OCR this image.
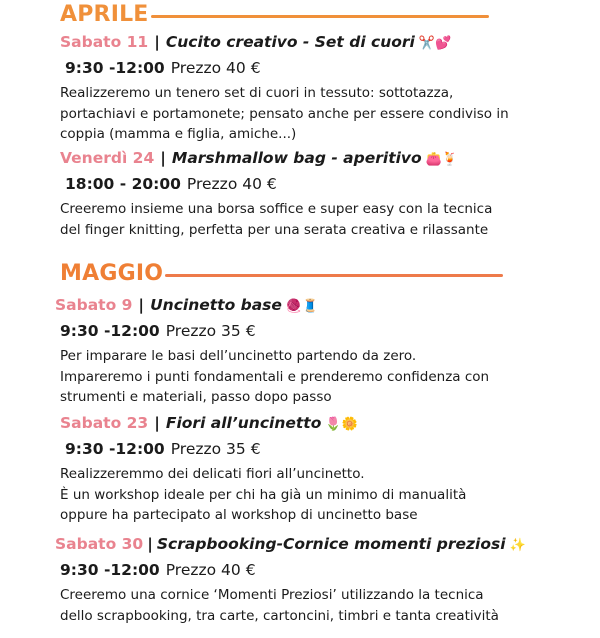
APRILE
Sabato 11 | Cucito creativo - Set di cuori ✂️💕
9:30 -12:00 Prezzo 40 €
Realizzeremo un tenero set di cuori in tessuto: sottotazza,
portachiavi e portamonete; pensato anche per essere condiviso in
coppia (mamma e figlia, amiche...)
Venerdì 24 | Marshmallow bag - aperitivo 👛🍹
18:00 - 20:00 Prezzo 40 €
Creeremo insieme una borsa soffice e super easy con la tecnica
del finger knitting, perfetta per una serata creativa e rilassante
MAGGIO
Sabato 9 | Uncinetto base 🧶🧵
9:30 -12:00 Prezzo 35 €
Per imparare le basi dell’uncinetto partendo da zero.
Impareremo i punti fondamentali e prenderemo confidenza con
strumenti e materiali, passo dopo passo
Sabato 23 | Fiori all’uncinetto 🌷🌼
9:30 -12:00 Prezzo 35 €
Realizzeremmo dei delicati fiori all’uncinetto.
È un workshop ideale per chi ha già un minimo di manualità
oppure ha partecipato al workshop di uncinetto base
Sabato 30 | Scrapbooking-Cornice momenti preziosi ✨
9:30 -12:00 Prezzo 40 €
Creeremo una cornice ‘Momenti Preziosi’ utilizzando la tecnica
dello scrapbooking, tra carte, cartoncini, timbri e tanta creatività
